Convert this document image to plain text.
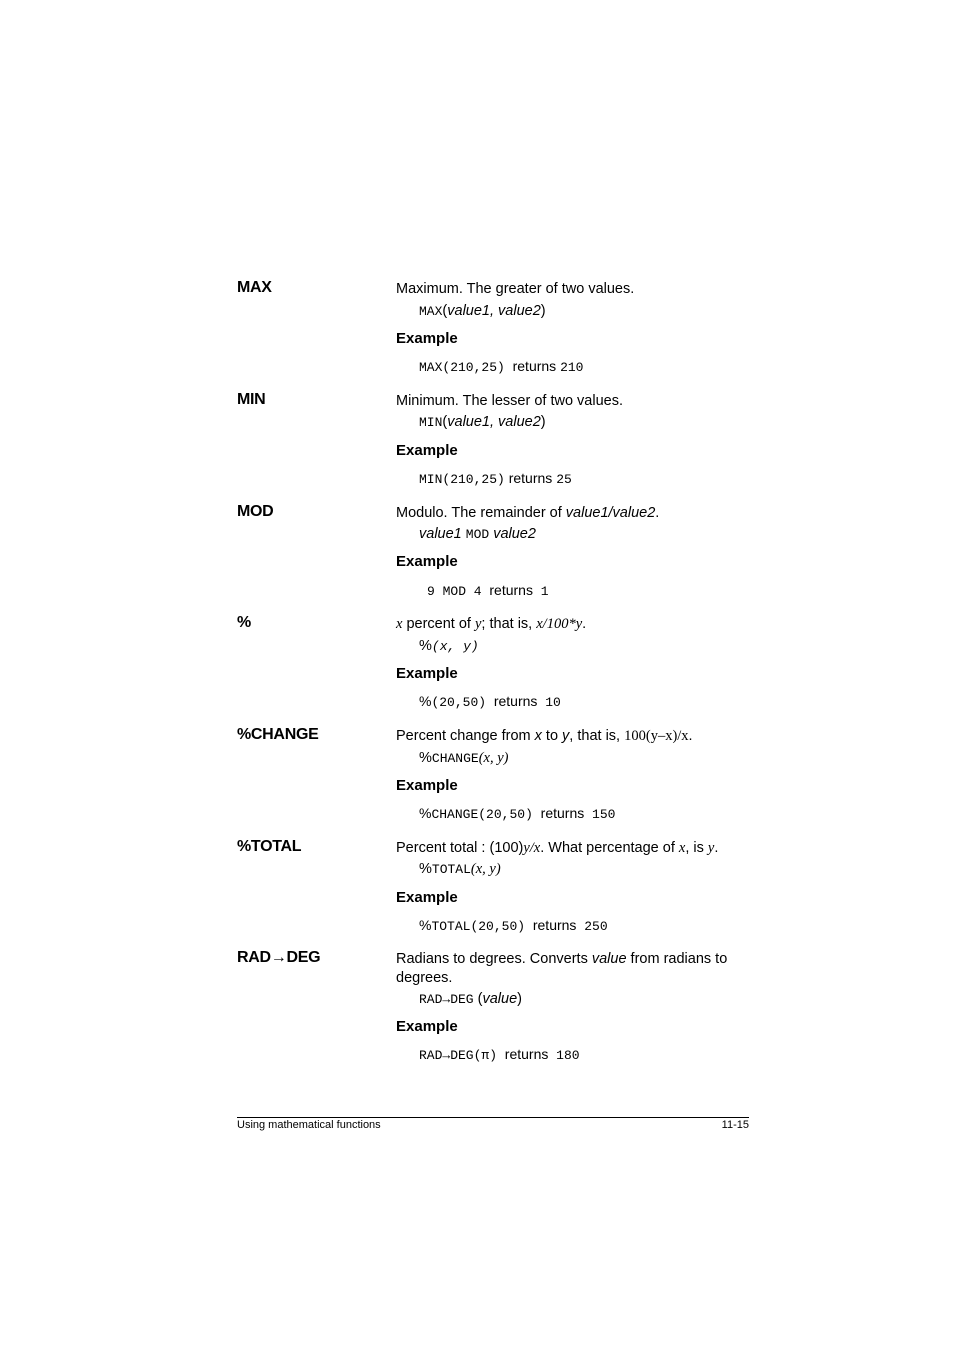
MAX	Maximum. The greater of two values.
MAX(value1, value2)
Example
MAX(210,25) returns 210
MIN	Minimum. The lesser of two values.
MIN(value1, value2)
Example
MIN(210,25) returns 25
MOD	Modulo. The remainder of value1/value2.
value1 MOD value2
Example
9 MOD 4 returns 1
%	x percent of y; that is, x/100*y.
%(x, y)
Example
%(20,50) returns 10
%CHANGE	Percent change from x to y, that is, 100(y–x)/x.
%CHANGE(x, y)
Example
%CHANGE(20,50) returns 150
%TOTAL	Percent total : (100)y/x. What percentage of x, is y.
%TOTAL(x, y)
Example
%TOTAL(20,50) returns 250
RAD→DEG	Radians to degrees. Converts value from radians to degrees.
RAD→DEG (value)
Example
RAD→DEG(π) returns 180
Using mathematical functions	11-15
